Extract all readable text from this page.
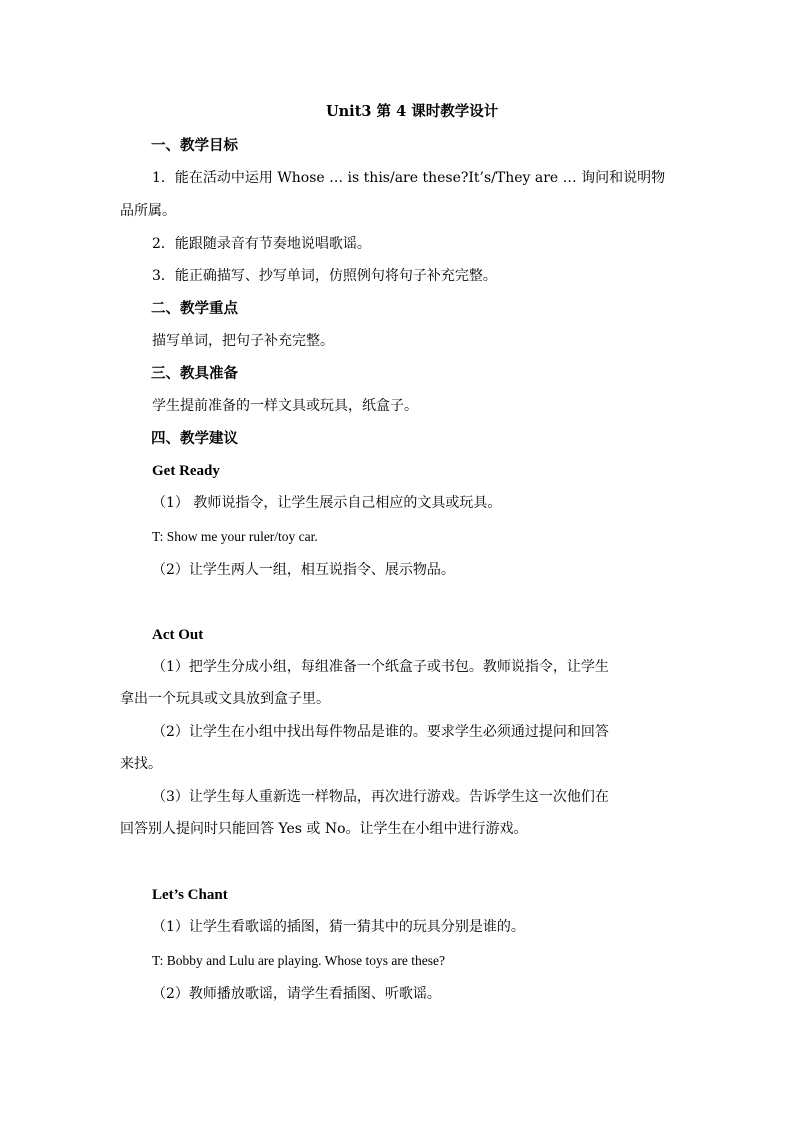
Unit3 第 4 课时教学设计
一、教学目标
1．能在活动中运用 Whose … is this/are these?It’s/They are … 询问和说明物
品所属。
2．能跟随录音有节奏地说唱歌谣。
3．能正确描写、抄写单词，仿照例句将句子补充完整。
二、教学重点
描写单词，把句子补充完整。
三、教具准备
学生提前准备的一样文具或玩具，纸盒子。
四、教学建议
Get Ready
（1） 教师说指令，让学生展示自己相应的文具或玩具。
T: Show me your ruler/toy car.
（2）让学生两人一组，相互说指令、展示物品。
Act Out
（1）把学生分成小组，每组准备一个纸盒子或书包。教师说指令，让学生
拿出一个玩具或文具放到盒子里。
（2）让学生在小组中找出每件物品是谁的。要求学生必须通过提问和回答
来找。
（3）让学生每人重新选一样物品，再次进行游戏。告诉学生这一次他们在
回答别人提问时只能回答 Yes 或 No。让学生在小组中进行游戏。
Let’s Chant
（1）让学生看歌谣的插图，猜一猜其中的玩具分别是谁的。
T: Bobby and Lulu are playing. Whose toys are these?
（2）教师播放歌谣，请学生看插图、听歌谣。
